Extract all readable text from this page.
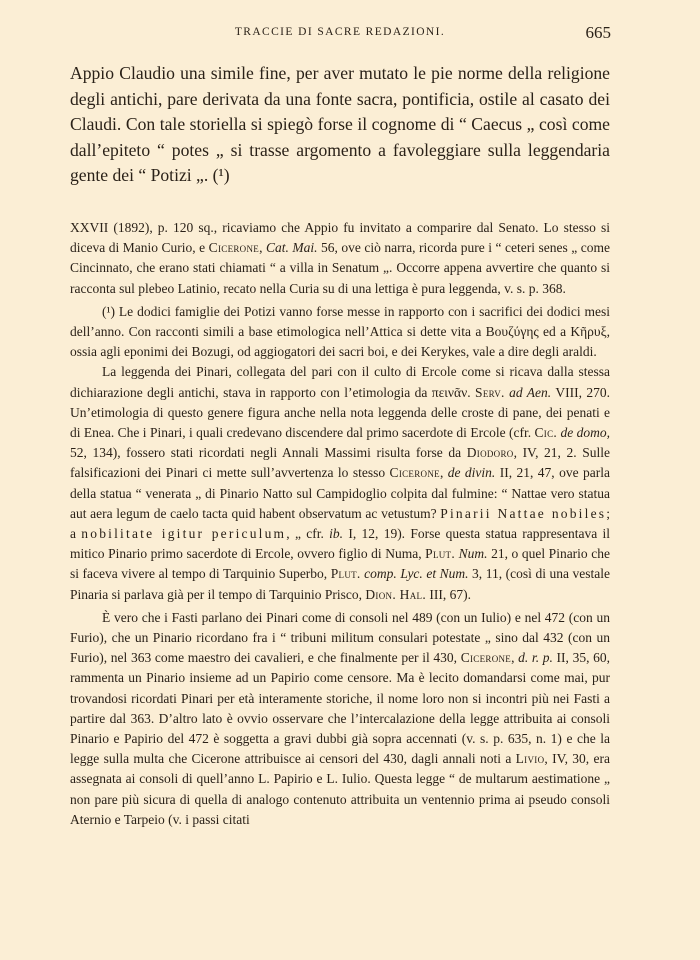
TRACCIE DI SACRE REDAZIONI.	665

Appio Claudio una simile fine, per aver mutato le pie norme della religione degli antichi, pare derivata da una fonte sacra, pontificia, ostile al casato dei Claudi. Con tale storiella si spiegò forse il cognome di “ Caecus „ così come dall’epiteto “ potes „ si trasse argomento a favoleggiare sulla leggendaria gente dei “ Potizi „. (¹)

XXVII (1892), p. 120 sq., ricaviamo che Appio fu invitato a comparire dal Senato. Lo stesso si diceva di Manio Curio, e Cicerone, Cat. Mai. 56, ove ciò narra, ricorda pure i “ ceteri senes „ come Cincinnato, che erano stati chiamati “ a villa in Senatum „. Occorre appena avvertire che quanto si racconta sul plebeo Latinio, recato nella Curia su di una lettiga è pura leggenda, v. s. p. 368.

(¹) Le dodici famiglie dei Potizi vanno forse messe in rapporto con i sacrifici dei dodici mesi dell’anno. Con racconti simili a base etimologica nell’Attica si dette vita a Βουζύγης ed a Κῆρυξ, ossia agli eponimi dei Bozugi, od aggiogatori dei sacri boi, e dei Kerykes, vale a dire degli araldi.

La leggenda dei Pinari, collegata del pari con il culto di Ercole come si ricava dalla stessa dichiarazione degli antichi, stava in rapporto con l’etimologia da πεινᾶν. Serv. ad Aen. VIII, 270. Un’etimologia di questo genere figura anche nella nota leggenda delle croste di pane, dei penati e di Enea. Che i Pinari, i quali credevano discendere dal primo sacerdote di Ercole (cfr. Cic. de domo, 52, 134), fossero stati ricordati negli Annali Massimi risulta forse da Diodoro, IV, 21, 2. Sulle falsificazioni dei Pinari ci mette sull’avvertenza lo stesso Cicerone, de divin. II, 21, 47, ove parla della statua “ venerata „ di Pinario Natto sul Campidoglio colpita dal fulmine: “ Nattae vero statua aut aera legum de caelo tacta quid habent observatum ac vetustum? Pinarii Nattae nobiles; a nobilitate igitur periculum, „ cfr. ib. I, 12, 19). Forse questa statua rappresentava il mitico Pinario primo sacerdote di Ercole, ovvero figlio di Numa, Plut. Num. 21, o quel Pinario che si faceva vivere al tempo di Tarquinio Superbo, Plut. comp. Lyc. et Num. 3, 11, (così di una vestale Pinaria si parlava già per il tempo di Tarquinio Prisco, Dion. Hal. III, 67).

È vero che i Fasti parlano dei Pinari come di consoli nel 489 (con un Iulio) e nel 472 (con un Furio), che un Pinario ricordano fra i “ tribuni militum consulari potestate „ sino dal 432 (con un Furio), nel 363 come maestro dei cavalieri, e che finalmente per il 430, Cicerone, d. r. p. II, 35, 60, rammenta un Pinario insieme ad un Papirio come censore. Ma è lecito domandarsi come mai, pur trovandosi ricordati Pinari per età interamente storiche, il nome loro non si incontri più nei Fasti a partire dal 363. D’altro lato è ovvio osservare che l’intercalazione della legge attribuita ai consoli Pinario e Papirio del 472 è soggetta a gravi dubbi già sopra accennati (v. s. p. 635, n. 1) e che la legge sulla multa che Cicerone attribuisce ai censori del 430, dagli annali noti a Livio, IV, 30, era assegnata ai consoli di quell’anno L. Papirio e L. Iulio. Questa legge “ de multarum aestimatione „ non pare più sicura di quella di analogo contenuto attribuita un ventennio prima ai pseudo consoli Aternio e Tarpeio (v. i passi citati
